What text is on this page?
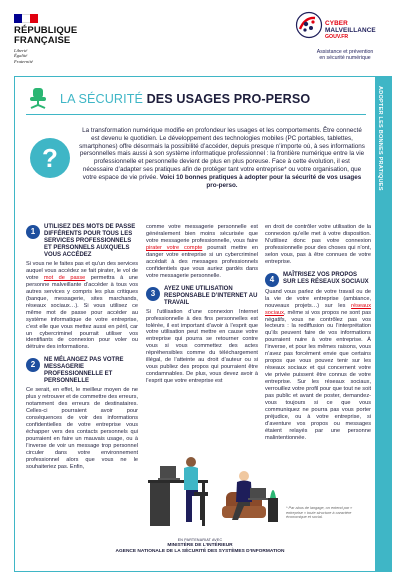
RÉPUBLIQUE
FRANÇAISE
Liberté
Égalité
Fraternité
CYBER
MALVEILLANCE
GOUV.FR
Assistance et prévention
en sécurité numérique
ADOPTER LES BONNES PRATIQUES
LA SÉCURITÉ DES USAGES PRO-PERSO
?
La transformation numérique modifie en profondeur les usages et les comportements. Être connecté est devenu le quotidien. Le développement des technologies mobiles (PC portables, tablettes, smartphones) offre désormais la possibilité d’accéder, depuis presque n’importe où, à ses informations personnelles mais aussi à son système informatique professionnel : la frontière numérique entre la vie professionnelle et personnelle devient de plus en plus poreuse. Face à cette évolution, il est nécessaire d’adapter ses pratiques afin de protéger tant votre entreprise* ou votre organisation, que votre espace de vie privée. Voici 10 bonnes pratiques à adopter pour la sécurité de vos usages pro-perso.
1	UTILISEZ DES MOTS DE PASSE DIFFÉRENTS POUR TOUS LES SERVICES PROFESSIONNELS ET PERSONNELS AUXQUELS VOUS ACCÉDEZ
Si vous ne le faites pas et qu’un des services auquel vous accédez se fait pirater, le vol de votre mot de passe permettra à une personne malveillante d’accéder à tous vos autres services y compris les plus critiques (banque, messagerie, sites marchands, réseaux sociaux…). Si vous utilisez ce même mot de passe pour accéder au système informatique de votre entreprise, c’est elle que vous mettez aussi en péril, car un cybercriminel pourrait utiliser vos identifiants de connexion pour voler ou détruire des informations.
2	NE MÉLANGEZ PAS VOTRE MESSAGERIE PROFESSIONNELLE ET PERSONNELLE
Ce serait, en effet, le meilleur moyen de ne plus y retrouver et de commettre des erreurs, notamment des erreurs de destinataires. Celles-ci pourraient avoir pour conséquences de voir des informations confidentielles de votre entreprise vous échapper vers des contacts personnels qui pourraient en faire un mauvais usage, ou à l’inverse de voir un message trop personnel circuler dans votre environnement professionnel alors que vous ne le souhaiteriez pas. Enfin,
comme votre messagerie personnelle est généralement bien moins sécurisée que votre messagerie professionnelle, vous faire pirater votre compte pourrait mettre en danger votre entreprise si un cybercriminel accédait à des messages professionnels confidentiels que vous auriez gardés dans votre messagerie personnelle.
3	AYEZ UNE UTILISATION RESPONSABLE D’INTERNET AU TRAVAIL
Si l’utilisation d’une connexion Internet professionnelle à des fins personnelles est tolérée, il est important d’avoir à l’esprit que votre utilisation peut mettre en cause votre entreprise qui pourra se retourner contre vous si vous commettez des actes répréhensibles comme du téléchargement illégal, de l’atteinte au droit d’auteur ou si vous publiez des propos qui pourraient être condamnables. De plus, vous devez avoir à l’esprit que votre entreprise est
en droit de contrôler votre utilisation de la connexion qu’elle met à votre disposition. N’utilisez donc pas votre connexion professionnelle pour des choses qui n’ont, selon vous, pas à être connues de votre entreprise.
4	MAÎTRISEZ VOS PROPOS SUR LES RÉSEAUX SOCIAUX
Quand vous parlez de votre travail ou de la vie de votre entreprise (ambiance, nouveaux projets…) sur les réseaux sociaux, même si vos propos ne sont pas négatifs, vous ne contrôlez pas vos lecteurs : la rediffusion ou l’interprétation qu’ils peuvent faire de vos informations pourraient nuire à votre entreprise. À l’inverse, et pour les mêmes raisons, vous n’avez pas forcément envie que certains propos que vous pouvez tenir sur les réseaux sociaux et qui concernent votre vie privée puissent être connus de votre entreprise. Sur les réseaux sociaux, verrouillez votre profil pour que tout ne soit pas public et avant de poster, demandez-vous toujours si ce que vous communiquez ne pourra pas vous porter préjudice, ou à votre entreprise, si d’aventure vos propos ou messages étaient relayés par une personne malintentionnée.
* Par abus de langage, on entend par « entreprise » toute structure à caractère économique et social.
EN PARTENARIAT AVEC
MINISTÈRE DE L’INTÉRIEUR
AGENCE NATIONALE DE LA SÉCURITÉ DES SYSTÈMES D’INFORMATION
